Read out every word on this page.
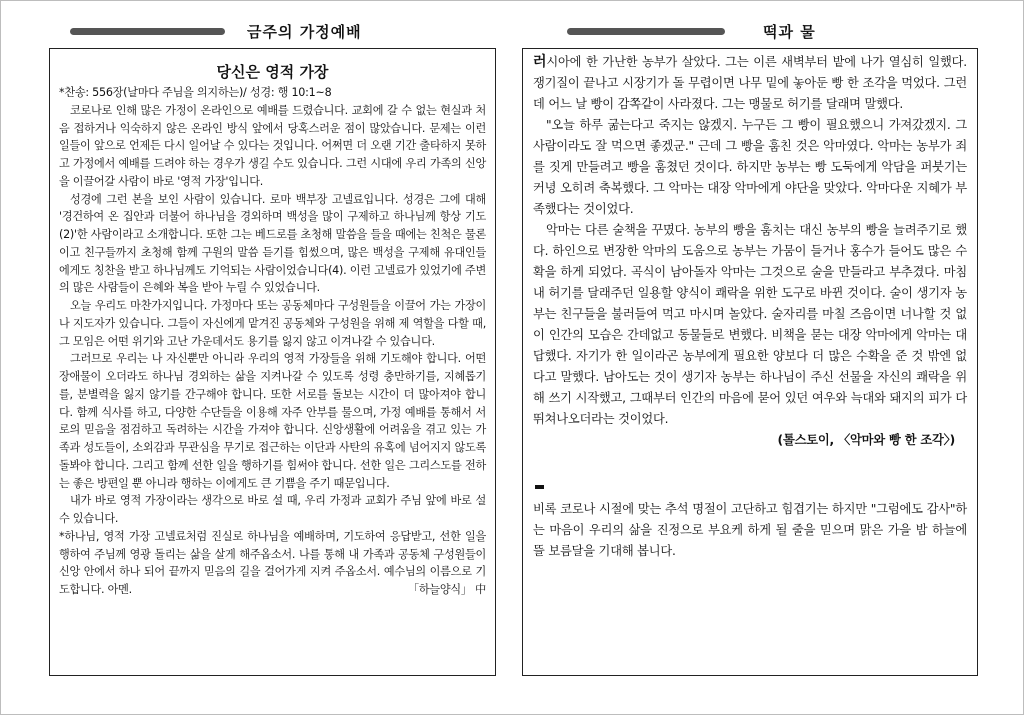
금주의 가정예배	떡과 물
당신은 영적 가장

*찬송: 556장(날마다 주님을 의지하는)/ 성경: 행 10:1~8

코로나로 인해 많은 가정이 온라인으로 예배를 드렸습니다. 교회에 갈 수 없는 현실과 처음 접하거나 익숙하지 않은 온라인 방식 앞에서 당혹스러운 점이 많았습니다. 문제는 이런 일들이 앞으로 언제든 다시 일어날 수 있다는 것입니다. 어쩌면 더 오랜 기간 출타하지 못하고 가정에서 예배를 드려야 하는 경우가 생길 수도 있습니다. 그런 시대에 우리 가족의 신앙을 이끌어갈 사람이 바로 '영적 가장'입니다.

성경에 그런 본을 보인 사람이 있습니다. 로마 백부장 고넬료입니다. 성경은 그에 대해 '경건하여 온 집안과 더불어 하나님을 경외하며 백성을 많이 구제하고 하나님께 항상 기도(2)'한 사람이라고 소개합니다. 또한 그는 베드로를 초청해 말씀을 들을 때에는 친척은 물론이고 친구들까지 초청해 함께 구원의 말씀 듣기를 힘썼으며, 많은 백성을 구제해 유대인들에게도 칭찬을 받고 하나님께도 기억되는 사람이었습니다(4). 이런 고넬료가 있었기에 주변의 많은 사람들이 은혜와 복을 받아 누릴 수 있었습니다.

오늘 우리도 마찬가지입니다. 가정마다 또는 공동체마다 구성원들을 이끌어 가는 가장이나 지도자가 있습니다. 그들이 자신에게 맡겨진 공동체와 구성원을 위해 제 역할을 다할 때, 그 모임은 어떤 위기와 고난 가운데서도 용기를 잃지 않고 이겨나갈 수 있습니다.

그러므로 우리는 나 자신뿐만 아니라 우리의 영적 가장들을 위해 기도해야 합니다. 어떤 장애물이 오더라도 하나님 경외하는 삶을 지켜나갈 수 있도록 성령 충만하기를, 지혜롭기를, 분별력을 잃지 않기를 간구해야 합니다. 또한 서로를 돌보는 시간이 더 많아져야 합니다. 함께 식사를 하고, 다양한 수단들을 이용해 자주 안부를 물으며, 가정 예배를 통해서 서로의 믿음을 점검하고 독려하는 시간을 가져야 합니다. 신앙생활에 어려움을 겪고 있는 가족과 성도들이, 소외감과 무관심을 무기로 접근하는 이단과 사탄의 유혹에 넘어지지 않도록 돌봐야 합니다. 그리고 함께 선한 일을 행하기를 힘써야 합니다. 선한 일은 그리스도를 전하는 좋은 방편일 뿐 아니라 행하는 이에게도 큰 기쁨을 주기 때문입니다.

내가 바로 영적 가장이라는 생각으로 바로 설 때, 우리 가정과 교회가 주님 앞에 바로 설 수 있습니다.

*하나님, 영적 가장 고넬료처럼 진실로 하나님을 예배하며, 기도하여 응답받고, 선한 일을 행하여 주님께 영광 돌리는 삶을 살게 해주옵소서. 나를 통해 내 가족과 공동체 구성원들이 신앙 안에서 하나 되어 끝까지 믿음의 길을 걸어가게 지켜 주옵소서. 예수님의 이름으로 기도합니다. 아멘.	「하늘양식」 中

러시아에 한 가난한 농부가 살았다. 그는 이른 새벽부터 밭에 나가 열심히 일했다. 쟁기질이 끝나고 시장기가 돌 무렵이면 나무 밑에 놓아둔 빵 한 조각을 먹었다. 그런데 어느 날 빵이 감쪽같이 사라졌다. 그는 맹물로 허기를 달래며 말했다.

"오늘 하루 굶는다고 죽지는 않겠지. 누구든 그 빵이 필요했으니 가져갔겠지. 그 사람이라도 잘 먹으면 좋겠군." 근데 그 빵을 훔친 것은 악마였다. 악마는 농부가 죄를 짓게 만들려고 빵을 훔쳤던 것이다. 하지만 농부는 빵 도둑에게 악담을 퍼붓기는커녕 오히려 축복했다. 그 악마는 대장 악마에게 야단을 맞았다. 악마다운 지혜가 부족했다는 것이었다.

악마는 다른 술책을 꾸몄다. 농부의 빵을 훔치는 대신 농부의 빵을 늘려주기로 했다. 하인으로 변장한 악마의 도움으로 농부는 가뭄이 들거나 홍수가 들어도 많은 수확을 하게 되었다. 곡식이 남아돌자 악마는 그것으로 술을 만들라고 부추겼다. 마침내 허기를 달래주던 일용할 양식이 쾌락을 위한 도구로 바뀐 것이다. 술이 생기자 농부는 친구들을 불러들여 먹고 마시며 놀았다. 술자리를 마칠 즈음이면 너나할 것 없이 인간의 모습은 간데없고 동물들로 변했다. 비책을 묻는 대장 악마에게 악마는 대답했다. 자기가 한 일이라곤 농부에게 필요한 양보다 더 많은 수확을 준 것 밖엔 없다고 말했다. 남아도는 것이 생기자 농부는 하나님이 주신 선물을 자신의 쾌락을 위해 쓰기 시작했고, 그때부터 인간의 마음에 묻어 있던 여우와 늑대와 돼지의 피가 다 뛰쳐나오더라는 것이었다.

(톨스토이, 〈악마와 빵 한 조각〉)

비록 코로나 시절에 맞는 추석 명절이 고단하고 힘겹기는 하지만 "그럼에도 감사"하는 마음이 우리의 삶을 진정으로 부요케 하게 될 줄을 믿으며 맑은 가을 밤 하늘에 뜰 보름달을 기대해 봅니다.
